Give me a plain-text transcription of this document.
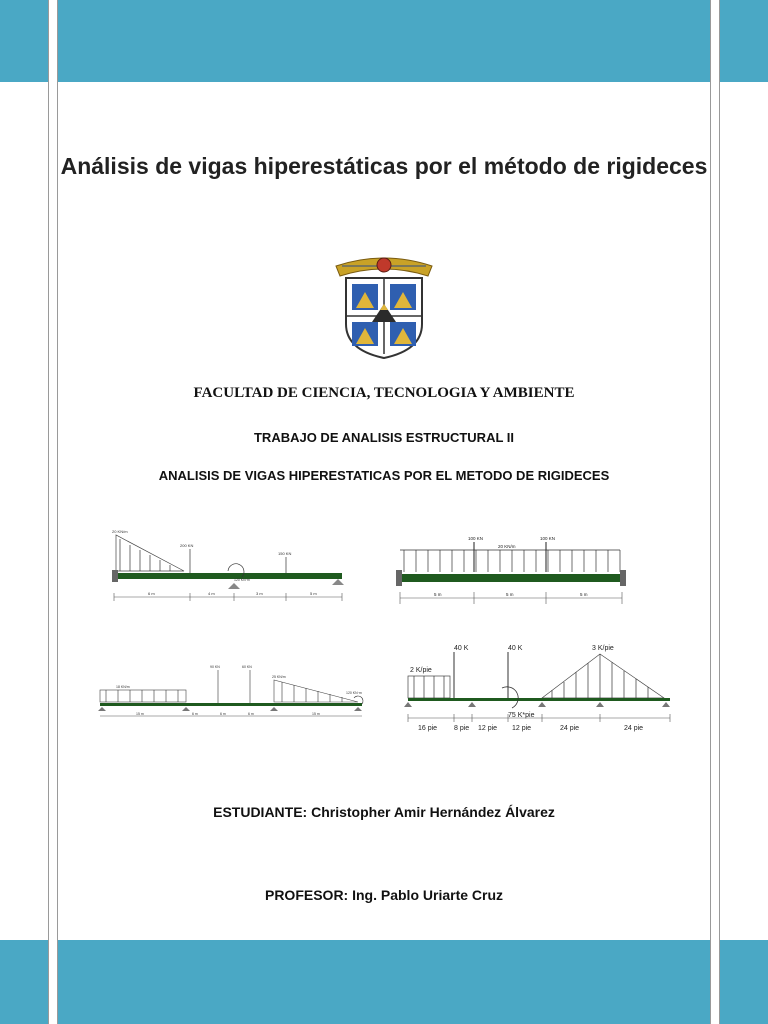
Análisis de vigas hiperestáticas por el método de rigideces
FACULTAD DE CIENCIA, TECNOLOGIA Y AMBIENTE
TRABAJO DE ANALISIS ESTRUCTURAL II
ANALISIS DE VIGAS HIPERESTATICAS POR EL METODO DE RIGIDECES
20 KN/m
200 KN
150 KN
120 KN·m
6 m	4 m	3 m	5 m
100 KN
20 KN/m
100 KN
5 m	5 m	5 m
18 KN/m
90 KN	60 KN
25 KN/m
120 KN·m
15 m	6 m	6 m	6 m	15 m
2 K/pie
40 K	40 K	3 K/pie
75 K*pie
16 pie 8 pie 12 pie 12 pie	24 pie	24 pie
ESTUDIANTE: Christopher Amir Hernández Álvarez
PROFESOR: Ing. Pablo Uriarte Cruz
